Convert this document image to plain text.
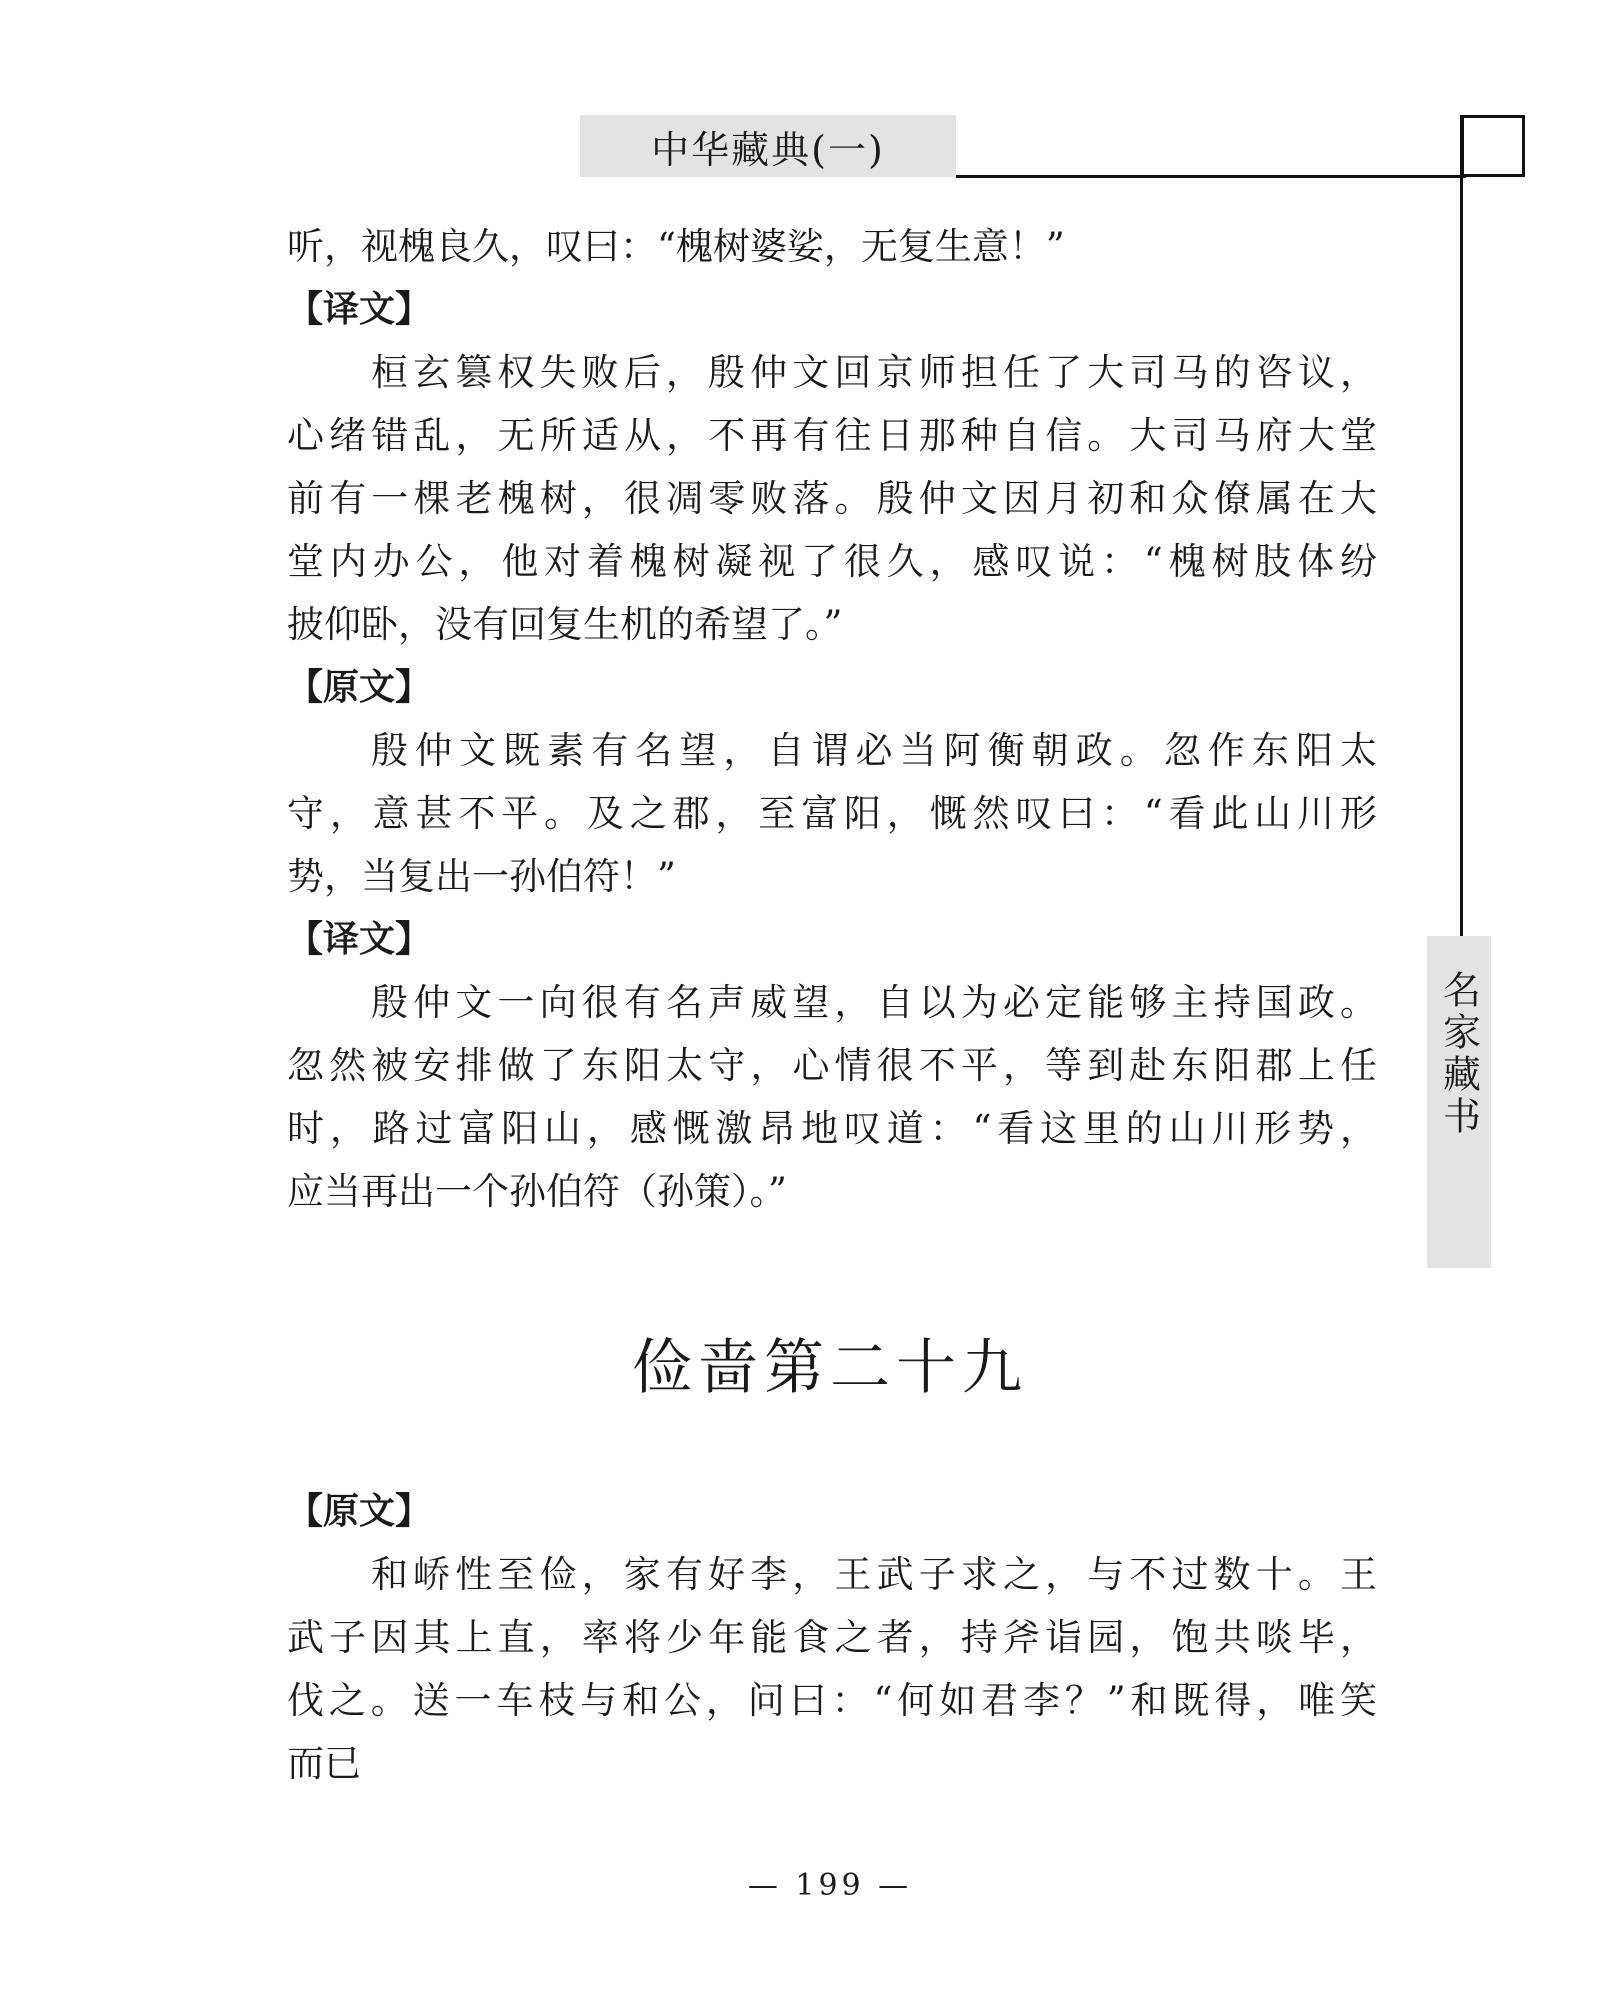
中华藏典(一)
名家藏书
听，视槐良久，叹曰：“槐树婆娑，无复生意！”
【译文】
桓玄篡权失败后，殷仲文回京师担任了大司马的咨议，
心绪错乱，无所适从，不再有往日那种自信。大司马府大堂
前有一棵老槐树，很凋零败落。殷仲文因月初和众僚属在大
堂内办公，他对着槐树凝视了很久，感叹说：“槐树肢体纷
披仰卧，没有回复生机的希望了。”
【原文】
殷仲文既素有名望，自谓必当阿衡朝政。忽作东阳太
守，意甚不平。及之郡，至富阳，慨然叹曰：“看此山川形
势，当复出一孙伯符！”
【译文】
殷仲文一向很有名声威望，自以为必定能够主持国政。
忽然被安排做了东阳太守，心情很不平，等到赴东阳郡上任
时，路过富阳山，感慨激昂地叹道：“看这里的山川形势，
应当再出一个孙伯符（孙策）。”
俭啬第二十九
【原文】
和峤性至俭，家有好李，王武子求之，与不过数十。王
武子因其上直，率将少年能食之者，持斧诣园，饱共啖毕，
伐之。送一车枝与和公，问曰：“何如君李？”和既得，唯笑
而已
— 199 —
